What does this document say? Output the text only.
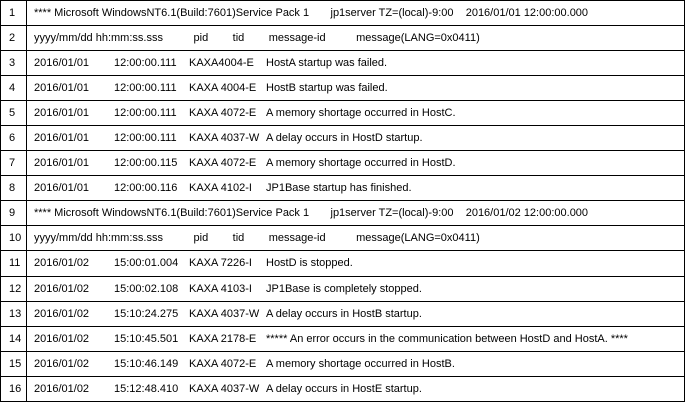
1	**** Microsoft WindowsNT6.1(Build:7601)Service Pack 1       jp1server TZ=(local)-9:00    2016/01/01 12:00:00.000
2	yyyy/mm/dd hh:mm:ss.sss          pid        tid        message-id          message(LANG=0x0411)
3	2016/01/01 12:00:00.111 KAXA4004-E HostA startup was failed.
4	2016/01/01 12:00:00.111 KAXA 4004-E HostB startup was failed.
5	2016/01/01 12:00:00.111 KAXA 4072-E A memory shortage occurred in HostC.
6	2016/01/01 12:00:00.111 KAXA 4037-W A delay occurs in HostD startup.
7	2016/01/01 12:00:00.115 KAXA 4072-E A memory shortage occurred in HostD.
8	2016/01/01 12:00:00.116 KAXA 4102-I JP1Base startup has finished.
9	**** Microsoft WindowsNT6.1(Build:7601)Service Pack 1       jp1server TZ=(local)-9:00    2016/01/02 12:00:00.000
10	yyyy/mm/dd hh:mm:ss.sss          pid        tid        message-id          message(LANG=0x0411)
11	2016/01/02 15:00:01.004 KAXA 7226-I HostD is stopped.
12	2016/01/02 15:00:02.108 KAXA 4103-I JP1Base is completely stopped.
13	2016/01/02 15:10:24.275 KAXA 4037-W A delay occurs in HostB startup.
14	2016/01/02 15:10:45.501 KAXA 2178-E ***** An error occurs in the communication between HostD and HostA. ****
15	2016/01/02 15:10:46.149 KAXA 4072-E A memory shortage occurred in HostB.
16	2016/01/02 15:12:48.410 KAXA 4037-W A delay occurs in HostE startup.
